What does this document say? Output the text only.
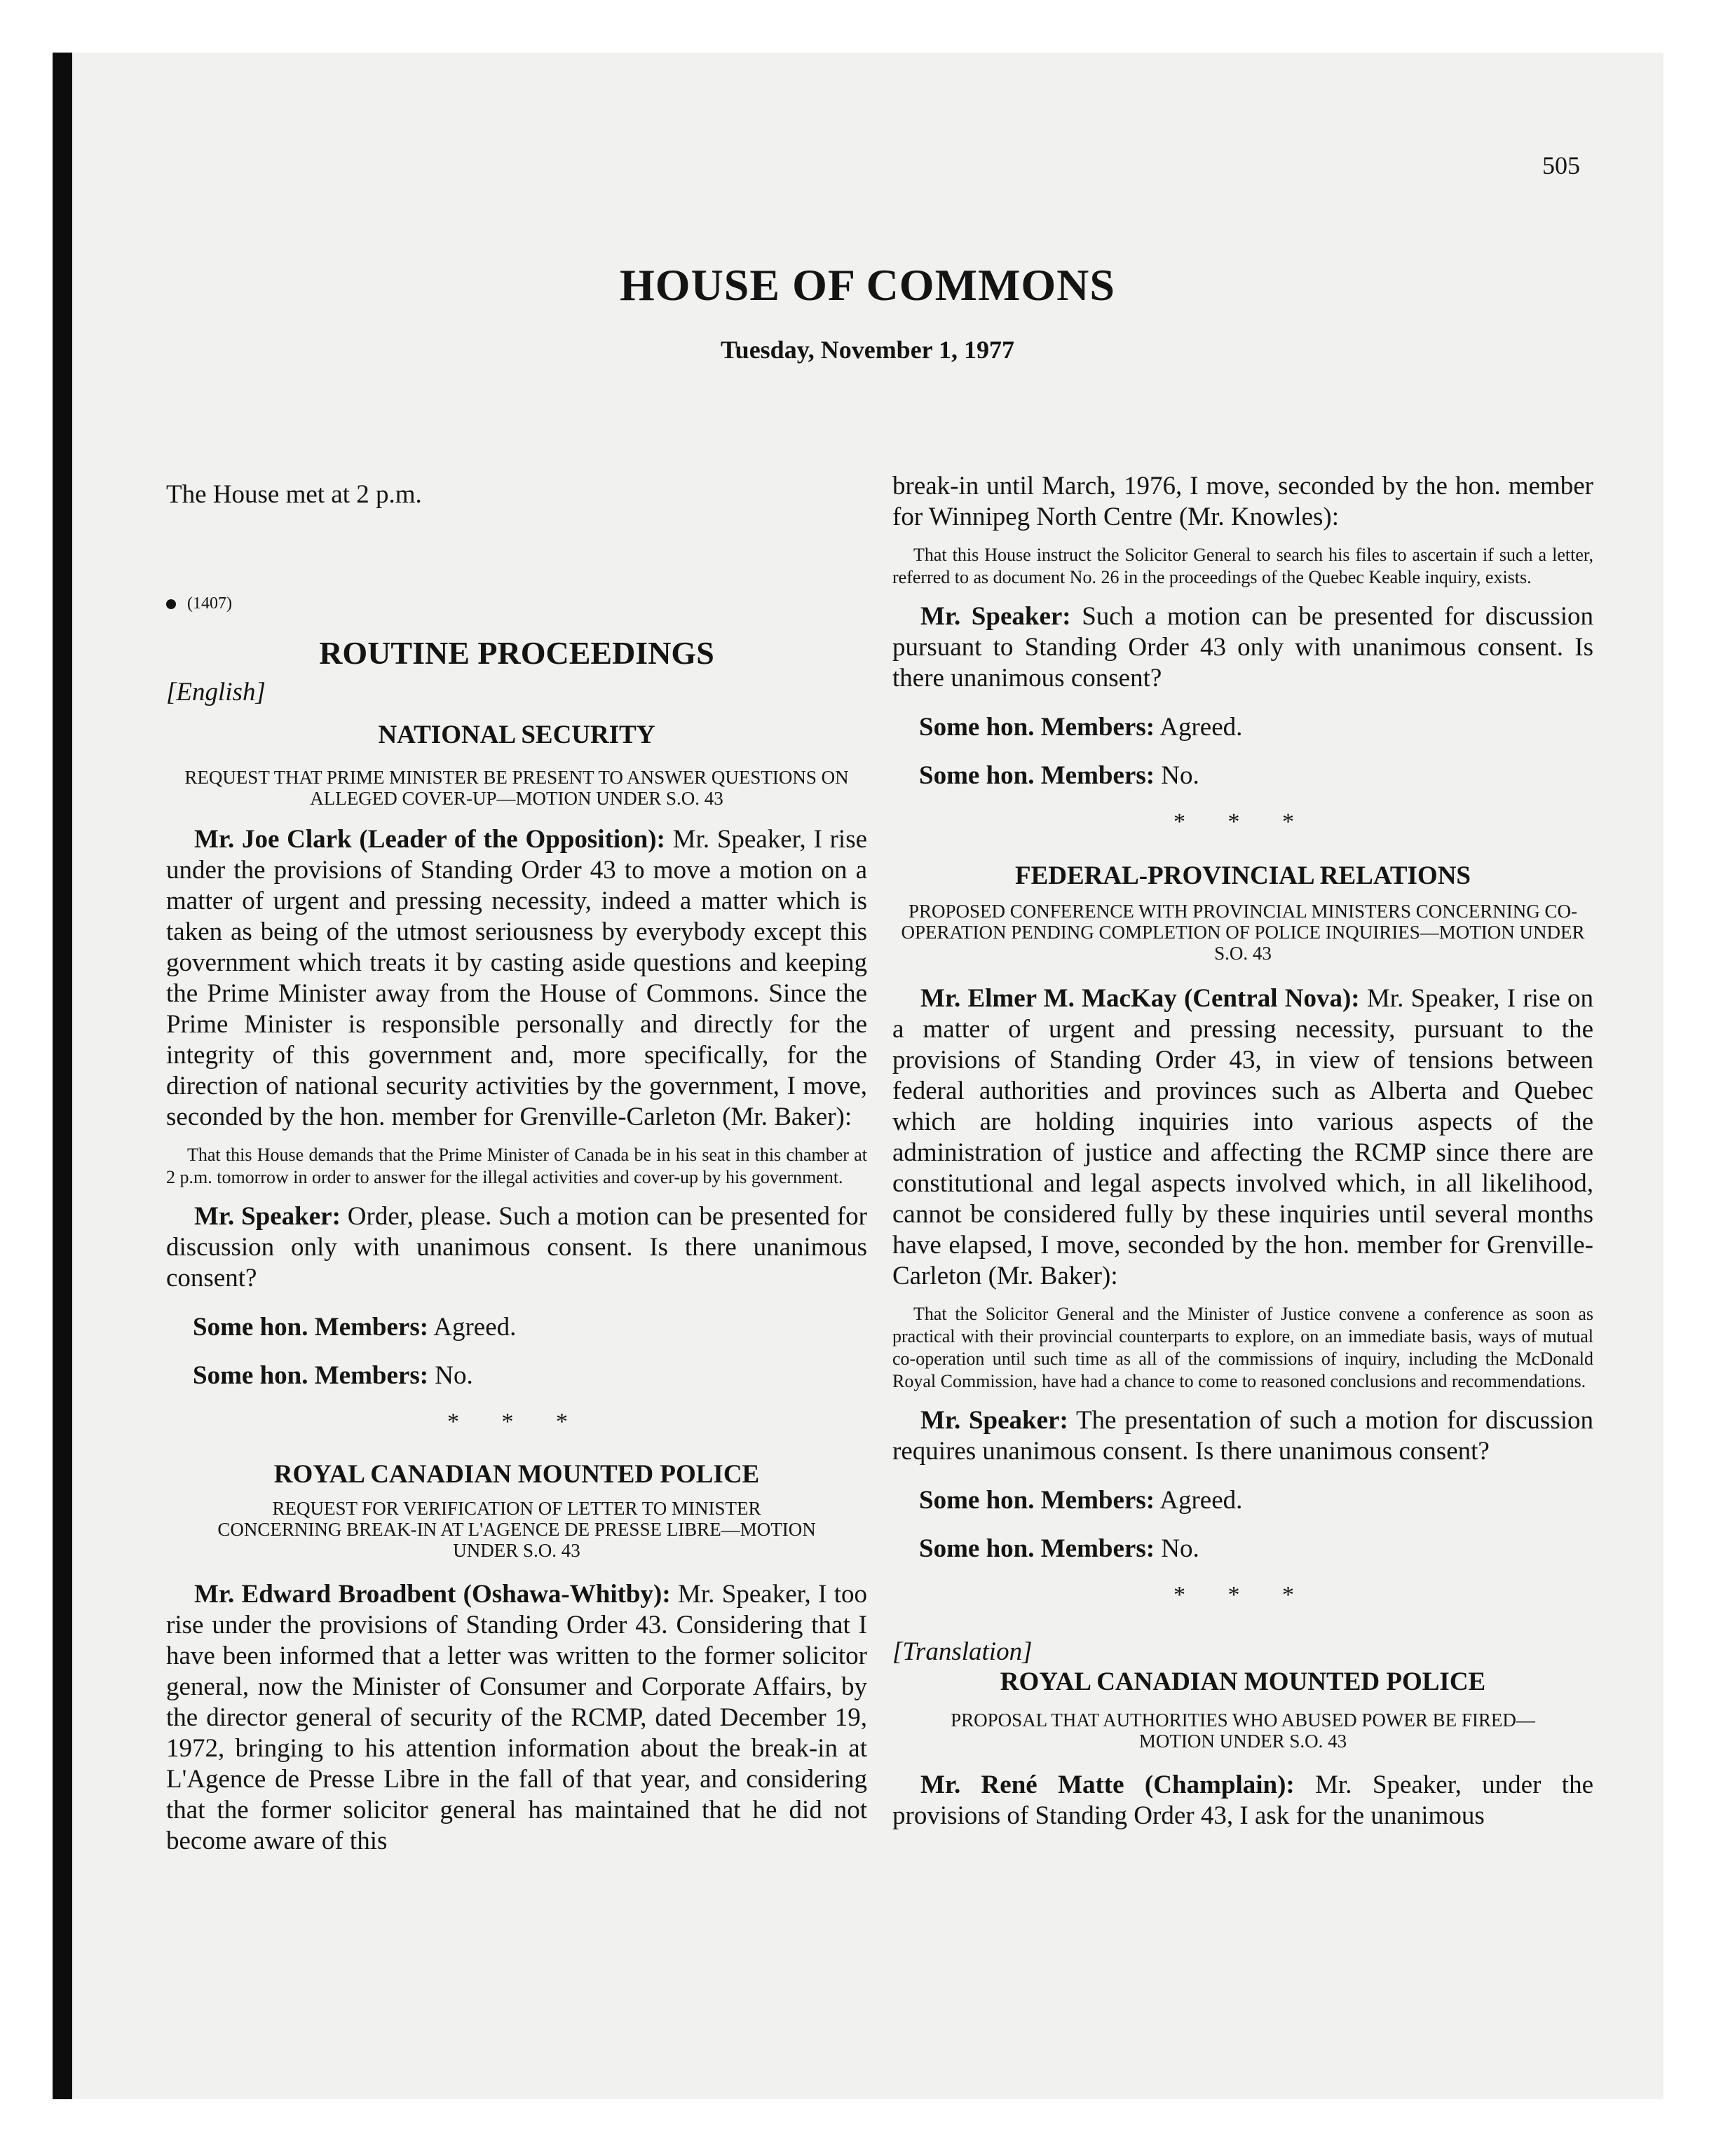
505
HOUSE OF COMMONS
Tuesday, November 1, 1977

The House met at 2 p.m.

(1407)

ROUTINE PROCEEDINGS

[English]

NATIONAL SECURITY

REQUEST THAT PRIME MINISTER BE PRESENT TO ANSWER QUESTIONS ON ALLEGED COVER-UP—MOTION UNDER S.O. 43

Mr. Joe Clark (Leader of the Opposition): Mr. Speaker, I rise under the provisions of Standing Order 43 to move a motion on a matter of urgent and pressing necessity, indeed a matter which is taken as being of the utmost seriousness by everybody except this government which treats it by casting aside questions and keeping the Prime Minister away from the House of Commons. Since the Prime Minister is responsible personally and directly for the integrity of this government and, more specifically, for the direction of national security activities by the government, I move, seconded by the hon. member for Grenville-Carleton (Mr. Baker):

That this House demands that the Prime Minister of Canada be in his seat in this chamber at 2 p.m. tomorrow in order to answer for the illegal activities and cover-up by his government.

Mr. Speaker: Order, please. Such a motion can be presented for discussion only with unanimous consent. Is there unanimous consent?

Some hon. Members: Agreed.

Some hon. Members: No.

* * *

ROYAL CANADIAN MOUNTED POLICE

REQUEST FOR VERIFICATION OF LETTER TO MINISTER CONCERNING BREAK-IN AT L'AGENCE DE PRESSE LIBRE—MOTION UNDER S.O. 43

Mr. Edward Broadbent (Oshawa-Whitby): Mr. Speaker, I too rise under the provisions of Standing Order 43. Considering that I have been informed that a letter was written to the former solicitor general, now the Minister of Consumer and Corporate Affairs, by the director general of security of the RCMP, dated December 19, 1972, bringing to his attention information about the break-in at L'Agence de Presse Libre in the fall of that year, and considering that the former solicitor general has maintained that he did not become aware of this

break-in until March, 1976, I move, seconded by the hon. member for Winnipeg North Centre (Mr. Knowles):

That this House instruct the Solicitor General to search his files to ascertain if such a letter, referred to as document No. 26 in the proceedings of the Quebec Keable inquiry, exists.

Mr. Speaker: Such a motion can be presented for discussion pursuant to Standing Order 43 only with unanimous consent. Is there unanimous consent?

Some hon. Members: Agreed.

Some hon. Members: No.

* * *

FEDERAL-PROVINCIAL RELATIONS

PROPOSED CONFERENCE WITH PROVINCIAL MINISTERS CONCERNING CO-OPERATION PENDING COMPLETION OF POLICE INQUIRIES—MOTION UNDER S.O. 43

Mr. Elmer M. MacKay (Central Nova): Mr. Speaker, I rise on a matter of urgent and pressing necessity, pursuant to the provisions of Standing Order 43, in view of tensions between federal authorities and provinces such as Alberta and Quebec which are holding inquiries into various aspects of the administration of justice and affecting the RCMP since there are constitutional and legal aspects involved which, in all likelihood, cannot be considered fully by these inquiries until several months have elapsed, I move, seconded by the hon. member for Grenville-Carleton (Mr. Baker):

That the Solicitor General and the Minister of Justice convene a conference as soon as practical with their provincial counterparts to explore, on an immediate basis, ways of mutual co-operation until such time as all of the commissions of inquiry, including the McDonald Royal Commission, have had a chance to come to reasoned conclusions and recommendations.

Mr. Speaker: The presentation of such a motion for discussion requires unanimous consent. Is there unanimous consent?

Some hon. Members: Agreed.

Some hon. Members: No.

* * *

[Translation]

ROYAL CANADIAN MOUNTED POLICE

PROPOSAL THAT AUTHORITIES WHO ABUSED POWER BE FIRED—MOTION UNDER S.O. 43

Mr. René Matte (Champlain): Mr. Speaker, under the provisions of Standing Order 43, I ask for the unanimous
